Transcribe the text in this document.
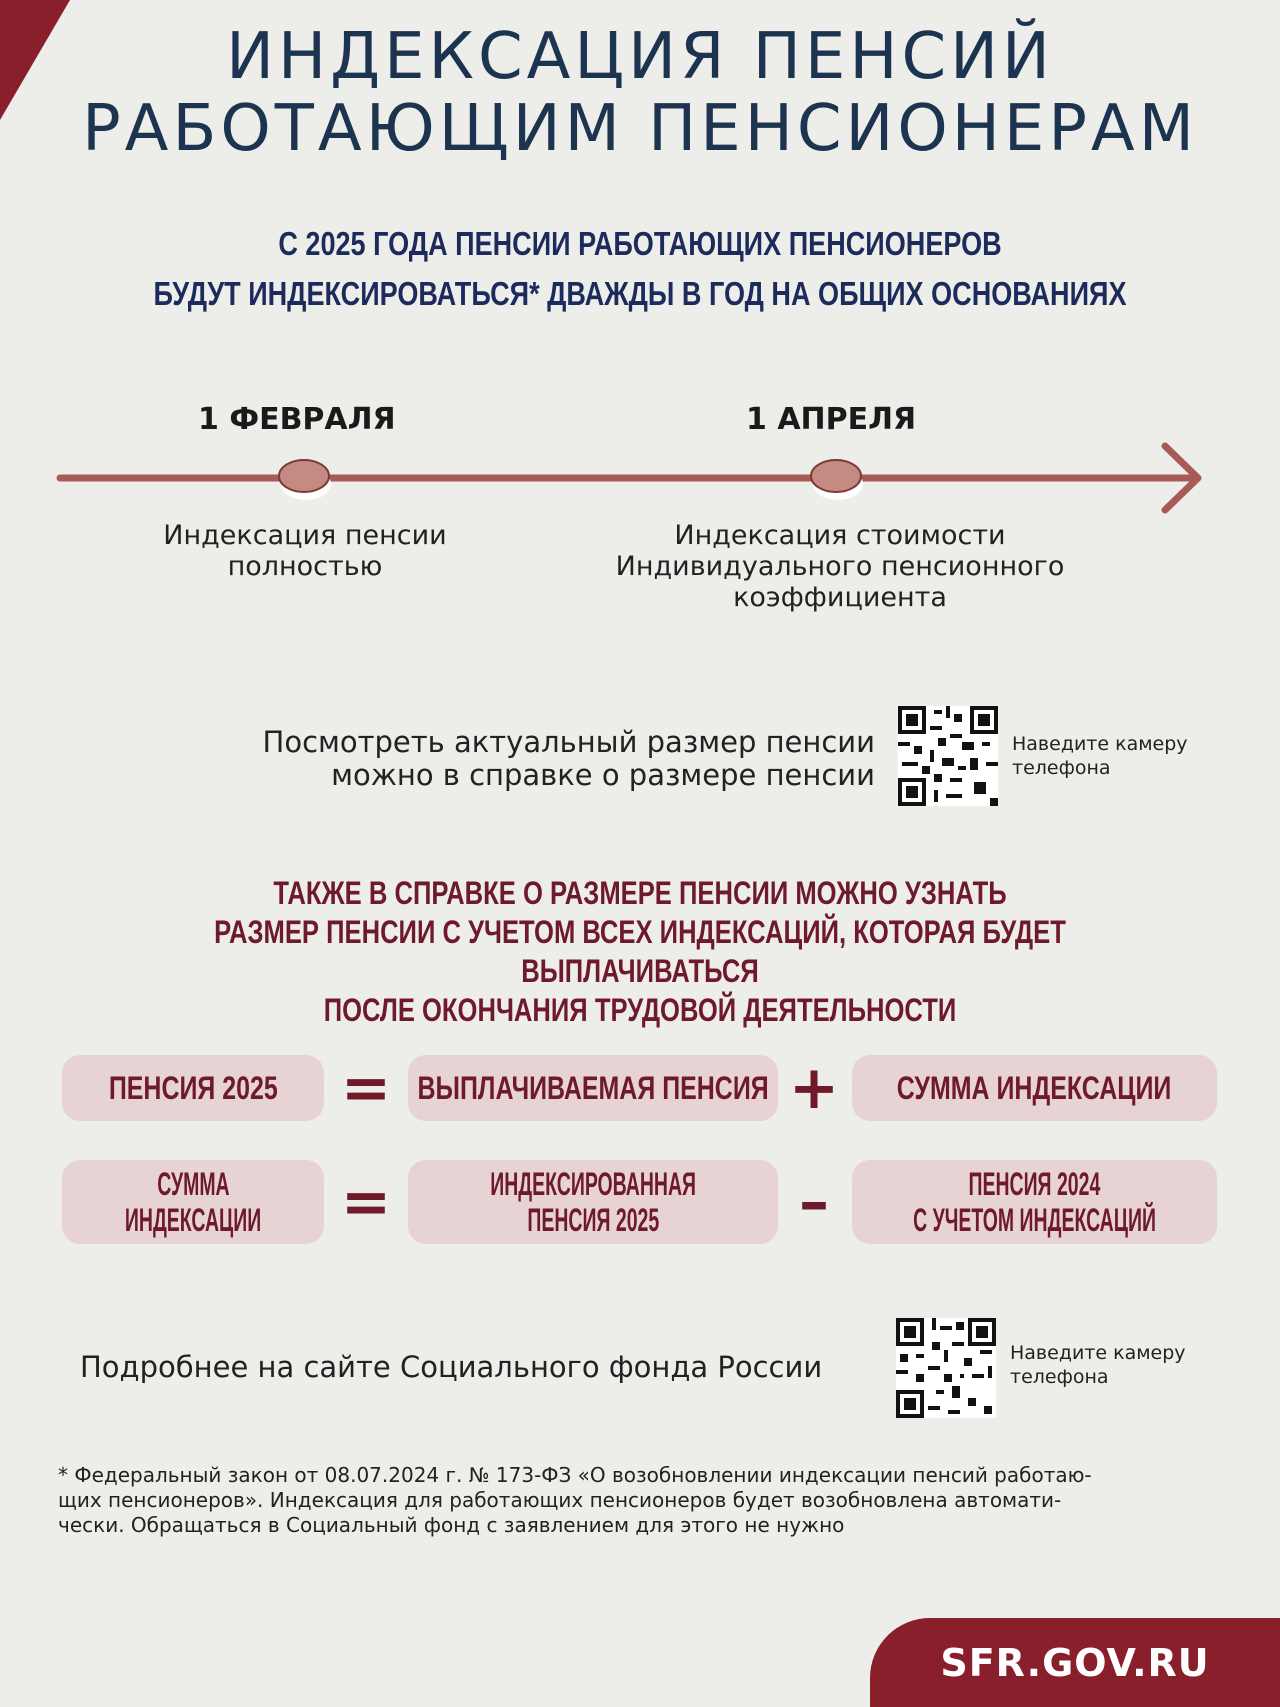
ИНДЕКСАЦИЯ ПЕНСИЙ
РАБОТАЮЩИМ ПЕНСИОНЕРАМ
С 2025 ГОДА ПЕНСИИ РАБОТАЮЩИХ ПЕНСИОНЕРОВ
БУДУТ ИНДЕКСИРОВАТЬСЯ* ДВАЖДЫ В ГОД НА ОБЩИХ ОСНОВАНИЯХ
1 ФЕВРАЛЯ	1 АПРЕЛЯ
Индексация пенсии
полностью
Индексация стоимости
Индивидуального пенсионного
коэффициента
Посмотреть актуальный размер пенсии
можно в справке о размере пенсии
Наведите камеру
телефона
ТАКЖЕ В СПРАВКЕ О РАЗМЕРЕ ПЕНСИИ МОЖНО УЗНАТЬ
РАЗМЕР ПЕНСИИ С УЧЕТОМ ВСЕХ ИНДЕКСАЦИЙ, КОТОРАЯ БУДЕТ ВЫПЛАЧИВАТЬСЯ
ПОСЛЕ ОКОНЧАНИЯ ТРУДОВОЙ ДЕЯТЕЛЬНОСТИ
ПЕНСИЯ 2025 = ВЫПЛАЧИВАЕМАЯ ПЕНСИЯ + СУММА ИНДЕКСАЦИИ
СУММА
ИНДЕКСАЦИИ	=	ИНДЕКСИРОВАННАЯ
ПЕНСИЯ 2025	–	ПЕНСИЯ 2024
С УЧЕТОМ ИНДЕКСАЦИЙ
Подробнее на сайте Социального фонда России	Наведите камеру
телефона
* Федеральный закон от 08.07.2024 г. № 173-ФЗ «О возобновлении индексации пенсий работаю-
щих пенсионеров». Индексация для работающих пенсионеров будет возобновлена автомати-
чески. Обращаться в Социальный фонд с заявлением для этого не нужно
SFR.GOV.RU
